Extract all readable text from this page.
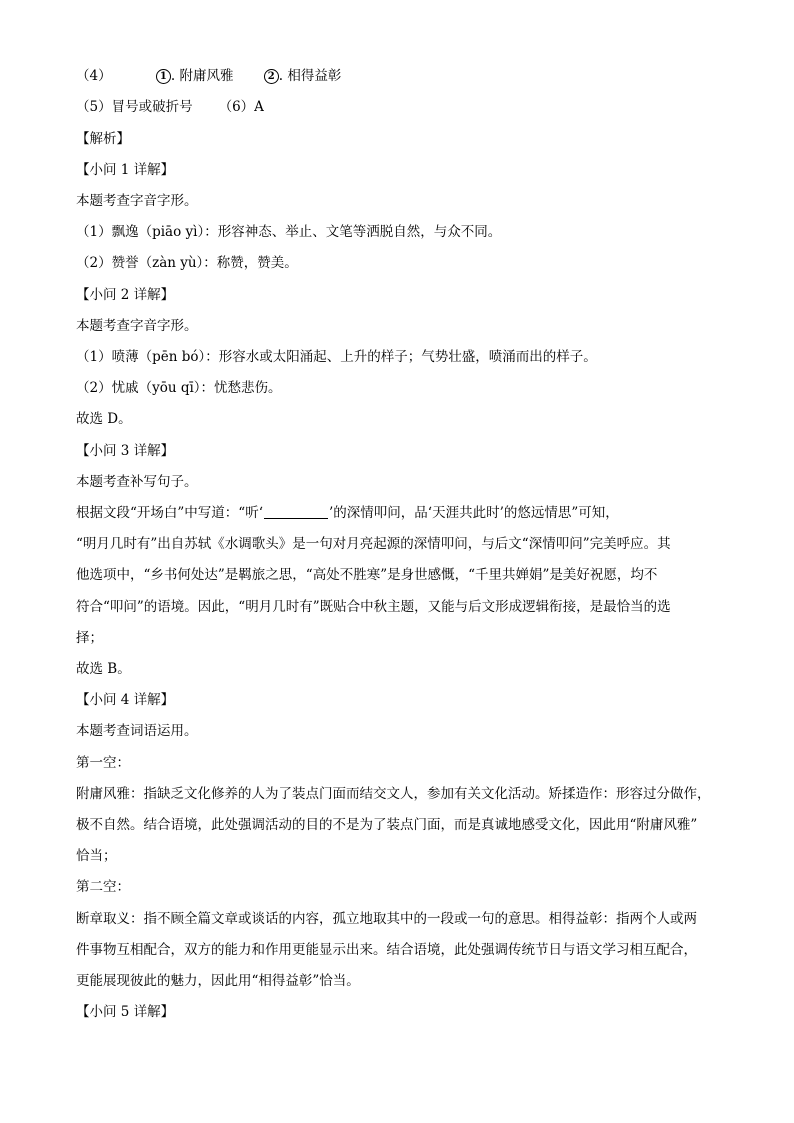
（4）	1 . 附庸风雅	2 . 相得益彰
（5）冒号或破折号 （6）A
【解析】
【小问 1 详解】
本题考查字音字形。
（1）飘逸（piāo yì）：形容神态、举止、文笔等洒脱自然，与众不同。
（2）赞誉（zàn yù）：称赞，赞美。
【小问 2 详解】
本题考查字音字形。
（1）喷薄（pēn bó）：形容水或太阳涌起、上升的样子；气势壮盛，喷涌而出的样子。
（2）忧戚（yōu qī）：忧愁悲伤。
故选 D。
【小问 3 详解】
本题考查补写句子。
根据文段“开场白”中写道：“听‘	’的深情叩问，品‘天涯共此时’的悠远情思”可知，
“明月几时有”出自苏轼《水调歌头》是一句对月亮起源的深情叩问，与后文“深情叩问”完美呼应。其
他选项中，“乡书何处达”是羁旅之思，“高处不胜寒”是身世感慨，“千里共婵娟”是美好祝愿，均不
符合“叩问”的语境。因此，“明月几时有”既贴合中秋主题，又能与后文形成逻辑衔接，是最恰当的选
择；
故选 B。
【小问 4 详解】
本题考查词语运用。
第一空：
附庸风雅：指缺乏文化修养的人为了装点门面而结交文人，参加有关文化活动。矫揉造作：形容过分做作，
极不自然。结合语境，此处强调活动的目的不是为了装点门面，而是真诚地感受文化，因此用“附庸风雅”
恰当；
第二空：
断章取义：指不顾全篇文章或谈话的内容，孤立地取其中的一段或一句的意思。相得益彰：指两个人或两
件事物互相配合，双方的能力和作用更能显示出来。结合语境，此处强调传统节日与语文学习相互配合，
更能展现彼此的魅力，因此用“相得益彰”恰当。
【小问 5 详解】
